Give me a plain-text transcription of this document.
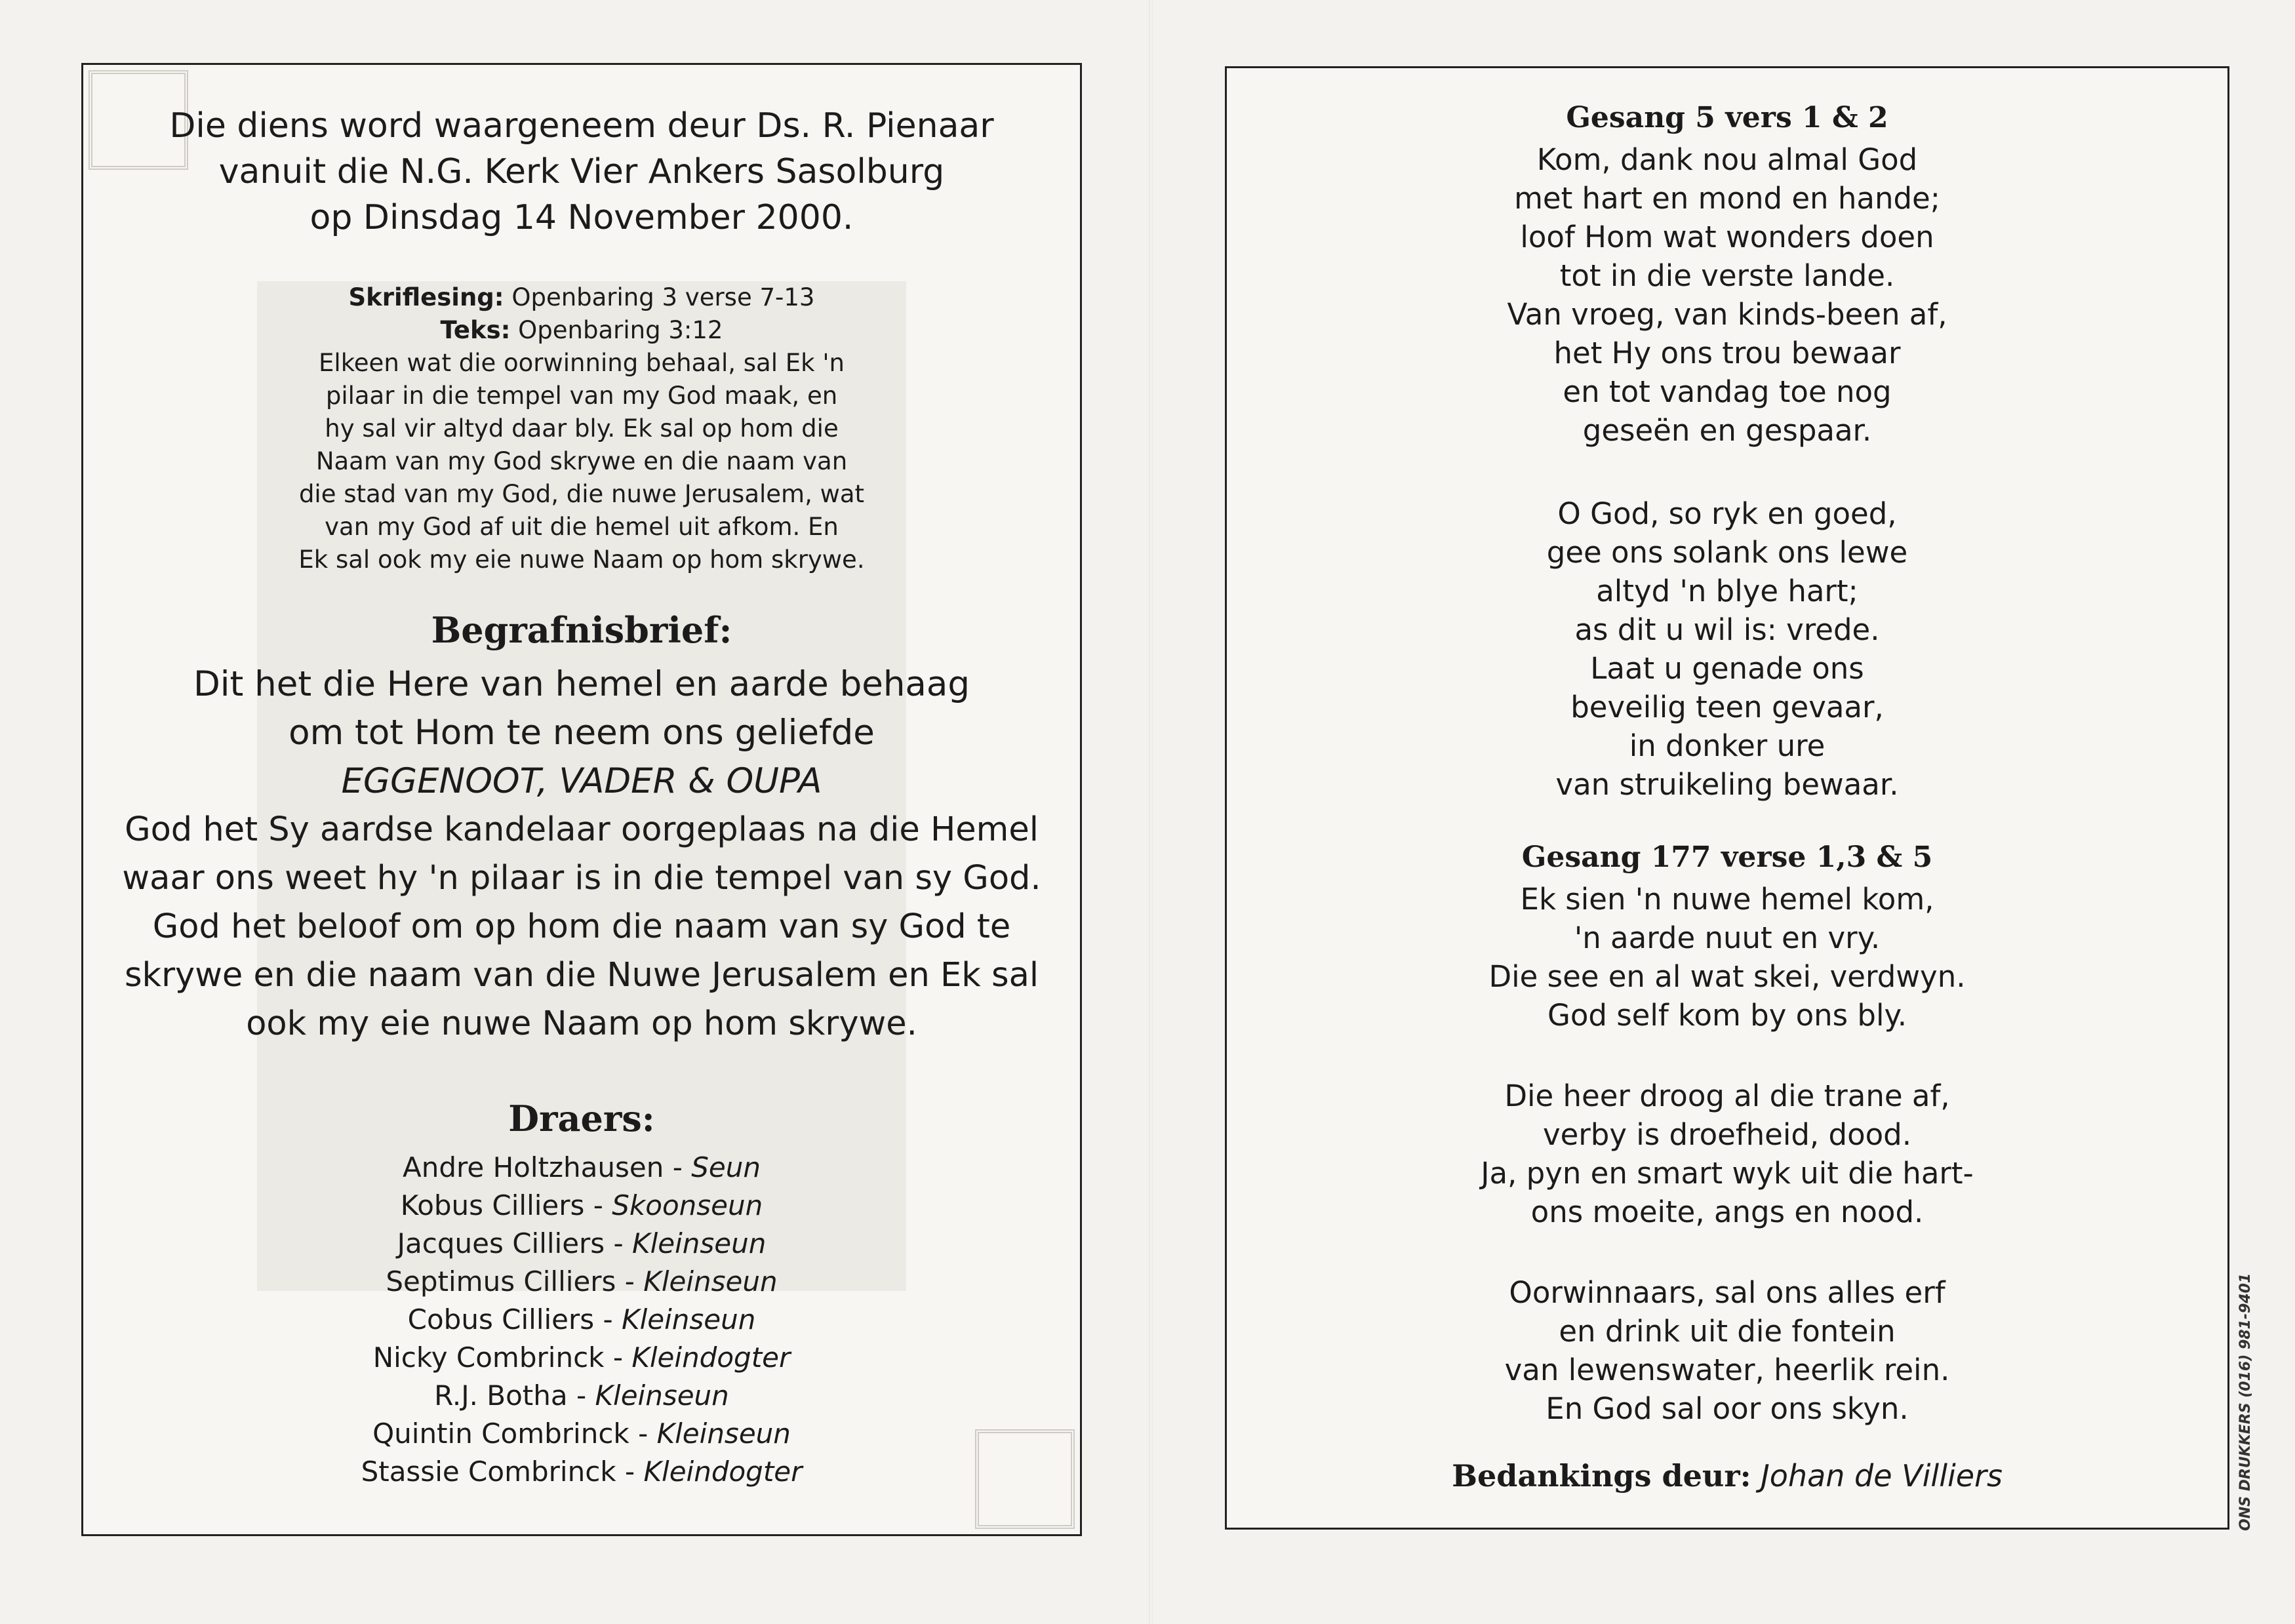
Die diens word waargeneem deur Ds. R. Pienaar
vanuit die N.G. Kerk Vier Ankers Sasolburg
op Dinsdag 14 November 2000.
Skriflesing: Openbaring 3 verse 7-13
Teks: Openbaring 3:12
Elkeen wat die oorwinning behaal, sal Ek 'n
pilaar in die tempel van my God maak, en
hy sal vir altyd daar bly. Ek sal op hom die
Naam van my God skrywe en die naam van
die stad van my God, die nuwe Jerusalem, wat
van my God af uit die hemel uit afkom. En
Ek sal ook my eie nuwe Naam op hom skrywe.
Begrafnisbrief:
Dit het die Here van hemel en aarde behaag
om tot Hom te neem ons geliefde
EGGENOOT, VADER & OUPA
God het Sy aardse kandelaar oorgeplaas na die Hemel
waar ons weet hy 'n pilaar is in die tempel van sy God.
God het beloof om op hom die naam van sy God te
skrywe en die naam van die Nuwe Jerusalem en Ek sal
ook my eie nuwe Naam op hom skrywe.
Draers:
Andre Holtzhausen - Seun
Kobus Cilliers - Skoonseun
Jacques Cilliers - Kleinseun
Septimus Cilliers - Kleinseun
Cobus Cilliers - Kleinseun
Nicky Combrinck - Kleindogter
R.J. Botha - Kleinseun
Quintin Combrinck - Kleinseun
Stassie Combrinck - Kleindogter
Gesang 5 vers 1 & 2
Kom, dank nou almal God
met hart en mond en hande;
loof Hom wat wonders doen
tot in die verste lande.
Van vroeg, van kinds-been af,
het Hy ons trou bewaar
en tot vandag toe nog
geseën en gespaar.
O God, so ryk en goed,
gee ons solank ons lewe
altyd 'n blye hart;
as dit u wil is: vrede.
Laat u genade ons
beveilig teen gevaar,
in donker ure
van struikeling bewaar.
Gesang 177 verse 1,3 & 5
Ek sien 'n nuwe hemel kom,
'n aarde nuut en vry.
Die see en al wat skei, verdwyn.
God self kom by ons bly.
Die heer droog al die trane af,
verby is droefheid, dood.
Ja, pyn en smart wyk uit die hart-
ons moeite, angs en nood.
Oorwinnaars, sal ons alles erf
en drink uit die fontein
van lewenswater, heerlik rein.
En God sal oor ons skyn.
Bedankings deur: Johan de Villiers	ONS DRUKKERS (016) 981-9401
